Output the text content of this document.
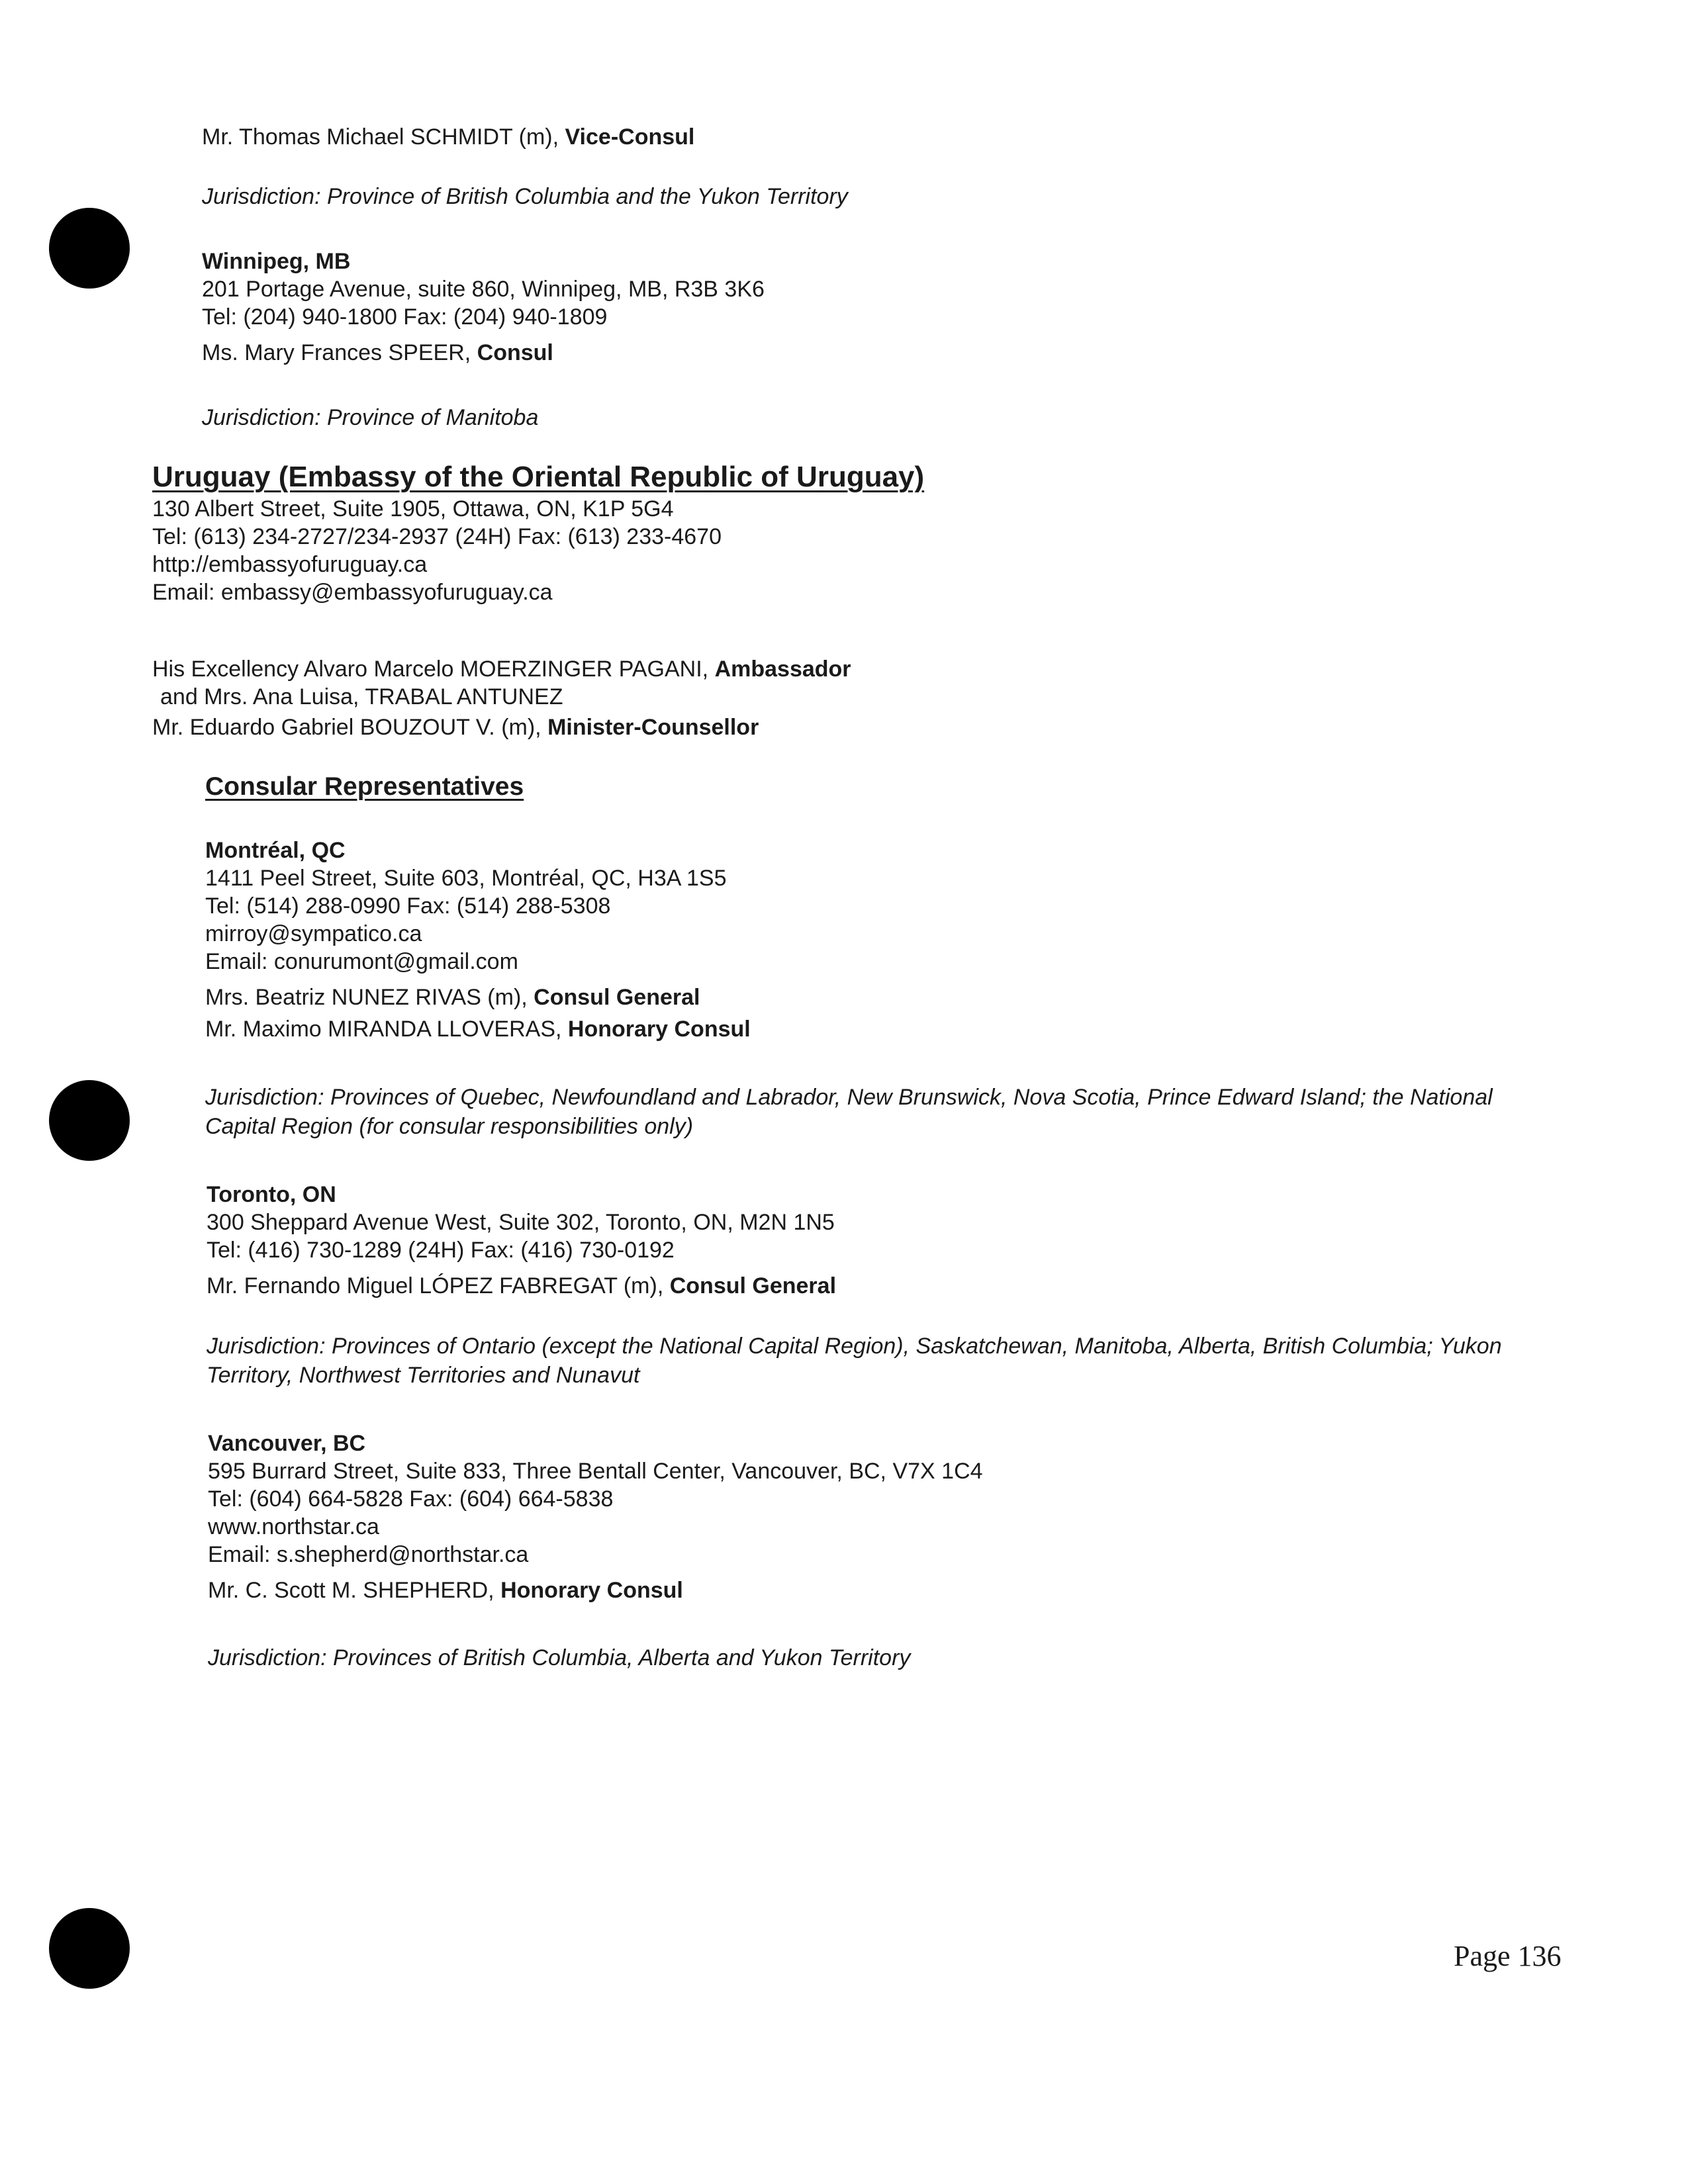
Mr. Thomas Michael SCHMIDT (m), Vice-Consul
Jurisdiction: Province of British Columbia and the Yukon Territory
Winnipeg, MB
201 Portage Avenue, suite 860, Winnipeg, MB, R3B 3K6
Tel: (204) 940-1800 Fax: (204) 940-1809
Ms. Mary Frances SPEER, Consul
Jurisdiction: Province of Manitoba
Uruguay (Embassy of the Oriental Republic of Uruguay)
130 Albert Street, Suite 1905, Ottawa, ON, K1P 5G4
Tel: (613) 234-2727/234-2937 (24H) Fax: (613) 233-4670
http://embassyofuruguay.ca
Email: embassy@embassyofuruguay.ca
His Excellency Alvaro Marcelo MOERZINGER PAGANI, Ambassador
and Mrs. Ana Luisa, TRABAL ANTUNEZ
Mr. Eduardo Gabriel BOUZOUT V. (m), Minister-Counsellor
Consular Representatives
Montréal, QC
1411 Peel Street, Suite 603, Montréal, QC, H3A 1S5
Tel: (514) 288-0990 Fax: (514) 288-5308
mirroy@sympatico.ca
Email: conurumont@gmail.com
Mrs. Beatriz NUNEZ RIVAS (m), Consul General
Mr. Maximo MIRANDA LLOVERAS, Honorary Consul
Jurisdiction: Provinces of Quebec, Newfoundland and Labrador, New Brunswick, Nova Scotia, Prince Edward Island; the National Capital Region (for consular responsibilities only)
Toronto, ON
300 Sheppard Avenue West, Suite 302, Toronto, ON, M2N 1N5
Tel: (416) 730-1289 (24H) Fax: (416) 730-0192
Mr. Fernando Miguel LÓPEZ FABREGAT (m), Consul General
Jurisdiction: Provinces of Ontario (except the National Capital Region), Saskatchewan, Manitoba, Alberta, British Columbia; Yukon Territory, Northwest Territories and Nunavut
Vancouver, BC
595 Burrard Street, Suite 833, Three Bentall Center, Vancouver, BC, V7X 1C4
Tel: (604) 664-5828 Fax: (604) 664-5838
www.northstar.ca
Email: s.shepherd@northstar.ca
Mr. C. Scott M. SHEPHERD, Honorary Consul
Jurisdiction: Provinces of British Columbia, Alberta and Yukon Territory
Page 136
